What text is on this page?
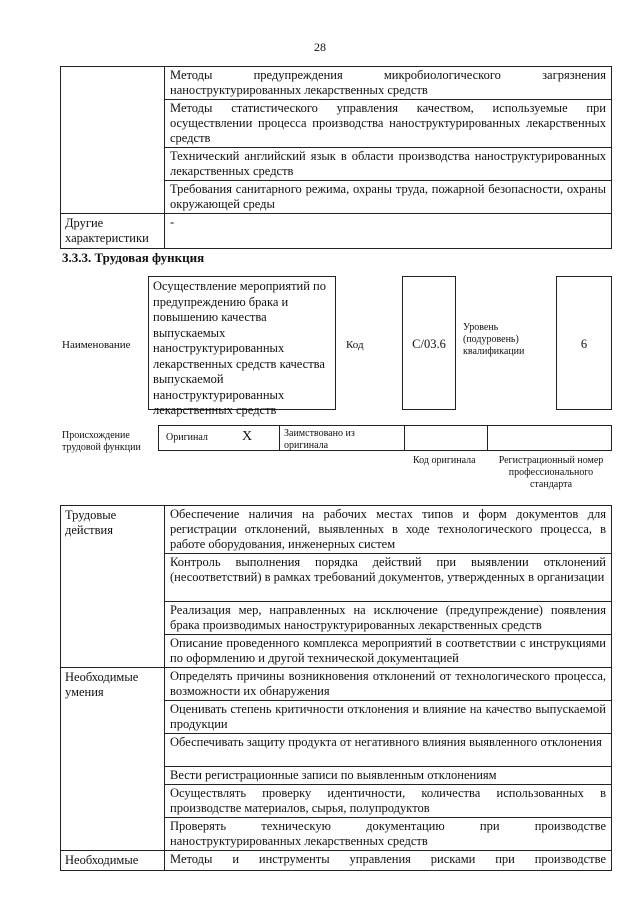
28
	Методы предупреждения микробиологического загрязнения наноструктурированных лекарственных средств
	Методы статистического управления качеством, используемые при осуществлении процесса производства наноструктурированных лекарственных средств
	Технический английский язык в области производства наноструктурированных лекарственных средств
	Требования санитарного режима, охраны труда, пожарной безопасности, охраны окружающей среды
Другие характеристики	-
3.3.3. Трудовая функция
Наименование
Осуществление мероприятий по предупреждению брака и повышению качества выпускаемых наноструктурированных лекарственных средств качества выпускаемой наноструктурированных лекарственных средств
Код	С/03.6
Уровень (подуровень) квалификации
6
Происхождение трудовой функции
Оригинал X	Заимствовано из оригинала
Код оригинала	Регистрационный номер профессионального стандарта
Трудовые действия	Обеспечение наличия на рабочих местах типов и форм документов для регистрации отклонений, выявленных в ходе технологического процесса, в работе оборудования, инженерных систем
	Контроль выполнения порядка действий при выявлении отклонений (несоответствий) в рамках требований документов, утвержденных в организации
	Реализация мер, направленных на исключение (предупреждение) появления брака производимых наноструктурированных лекарственных средств
	Описание проведенного комплекса мероприятий в соответствии с инструкциями по оформлению и другой технической документацией
Необходимые умения	Определять причины возникновения отклонений от технологического процесса, возможности их обнаружения
	Оценивать степень критичности отклонения и влияние на качество выпускаемой продукции
	Обеспечивать защиту продукта от негативного влияния выявленного отклонения
	Вести регистрационные записи по выявленным отклонениям
	Осуществлять проверку идентичности, количества использованных в производстве материалов, сырья, полупродуктов
	Проверять техническую документацию при производстве наноструктурированных лекарственных средств
Необходимые	Методы и инструменты управления рисками при производстве
